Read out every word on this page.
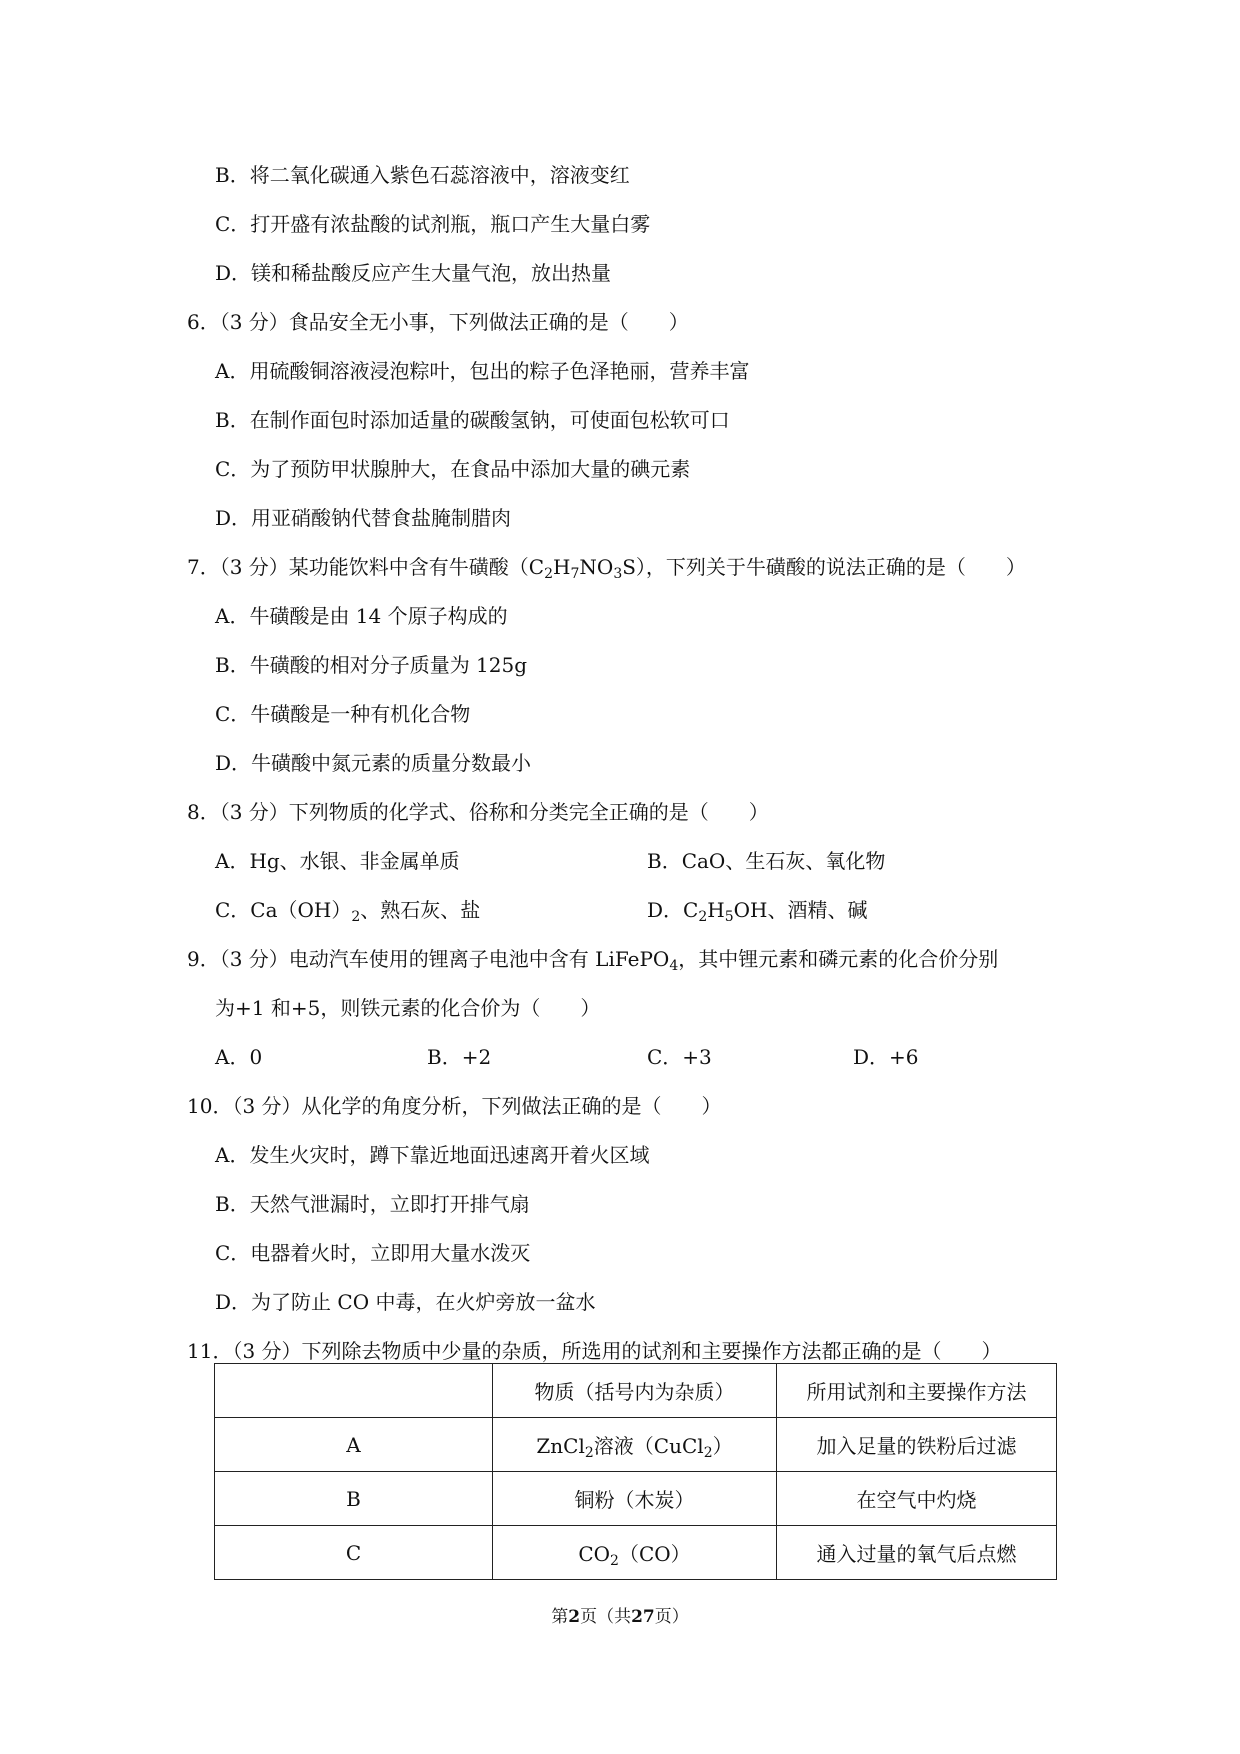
B．将二氧化碳通入紫色石蕊溶液中，溶液变红
C．打开盛有浓盐酸的试剂瓶，瓶口产生大量白雾
D．镁和稀盐酸反应产生大量气泡，放出热量
6．（3 分）食品安全无小事，下列做法正确的是（　　）
A．用硫酸铜溶液浸泡粽叶，包出的粽子色泽艳丽，营养丰富
B．在制作面包时添加适量的碳酸氢钠，可使面包松软可口
C．为了预防甲状腺肿大，在食品中添加大量的碘元素
D．用亚硝酸钠代替食盐腌制腊肉
7．（3 分）某功能饮料中含有牛磺酸$(C_2H_7NO_3S)$，下列关于牛磺酸的说法正确的是（　　）
A．牛磺酸是由 14 个原子构成的
B．牛磺酸的相对分子质量为 125g
C．牛磺酸是一种有机化合物
D．牛磺酸中氮元素的质量分数最小
8．（3 分）下列物质的化学式、俗称和分类完全正确的是（　　）
A．Hg、水银、非金属单质	B．CaO、生石灰、氧化物
C．$Ca(OH)_2$、熟石灰、盐	D．$C_2H_5OH$、酒精、碱
9．（3 分）电动汽车使用的锂离子电池中含有 LiFePO$_4$，其中锂元素和磷元素的化合价分别
为+1 和+5，则铁元素的化合价为（　　）
A．0	B．+2	C．+3	D．+6
10．（3 分）从化学的角度分析，下列做法正确的是（　　）
A．发生火灾时，蹲下靠近地面迅速离开着火区域
B．天然气泄漏时，立即打开排气扇
C．电器着火时，立即用大量水泼灭
D．为了防止 CO 中毒，在火炉旁放一盆水
11．（3 分）下列除去物质中少量的杂质，所选用的试剂和主要操作方法都正确的是（　　）
	物质（括号内为杂质）	所用试剂和主要操作方法
A	ZnCl$_2$溶液（CuCl$_2$）	加入足量的铁粉后过滤
B	铜粉（木炭）	在空气中灼烧
C	$CO_2(CO)$	通入过量的氧气后点燃
第2页（共27页）
